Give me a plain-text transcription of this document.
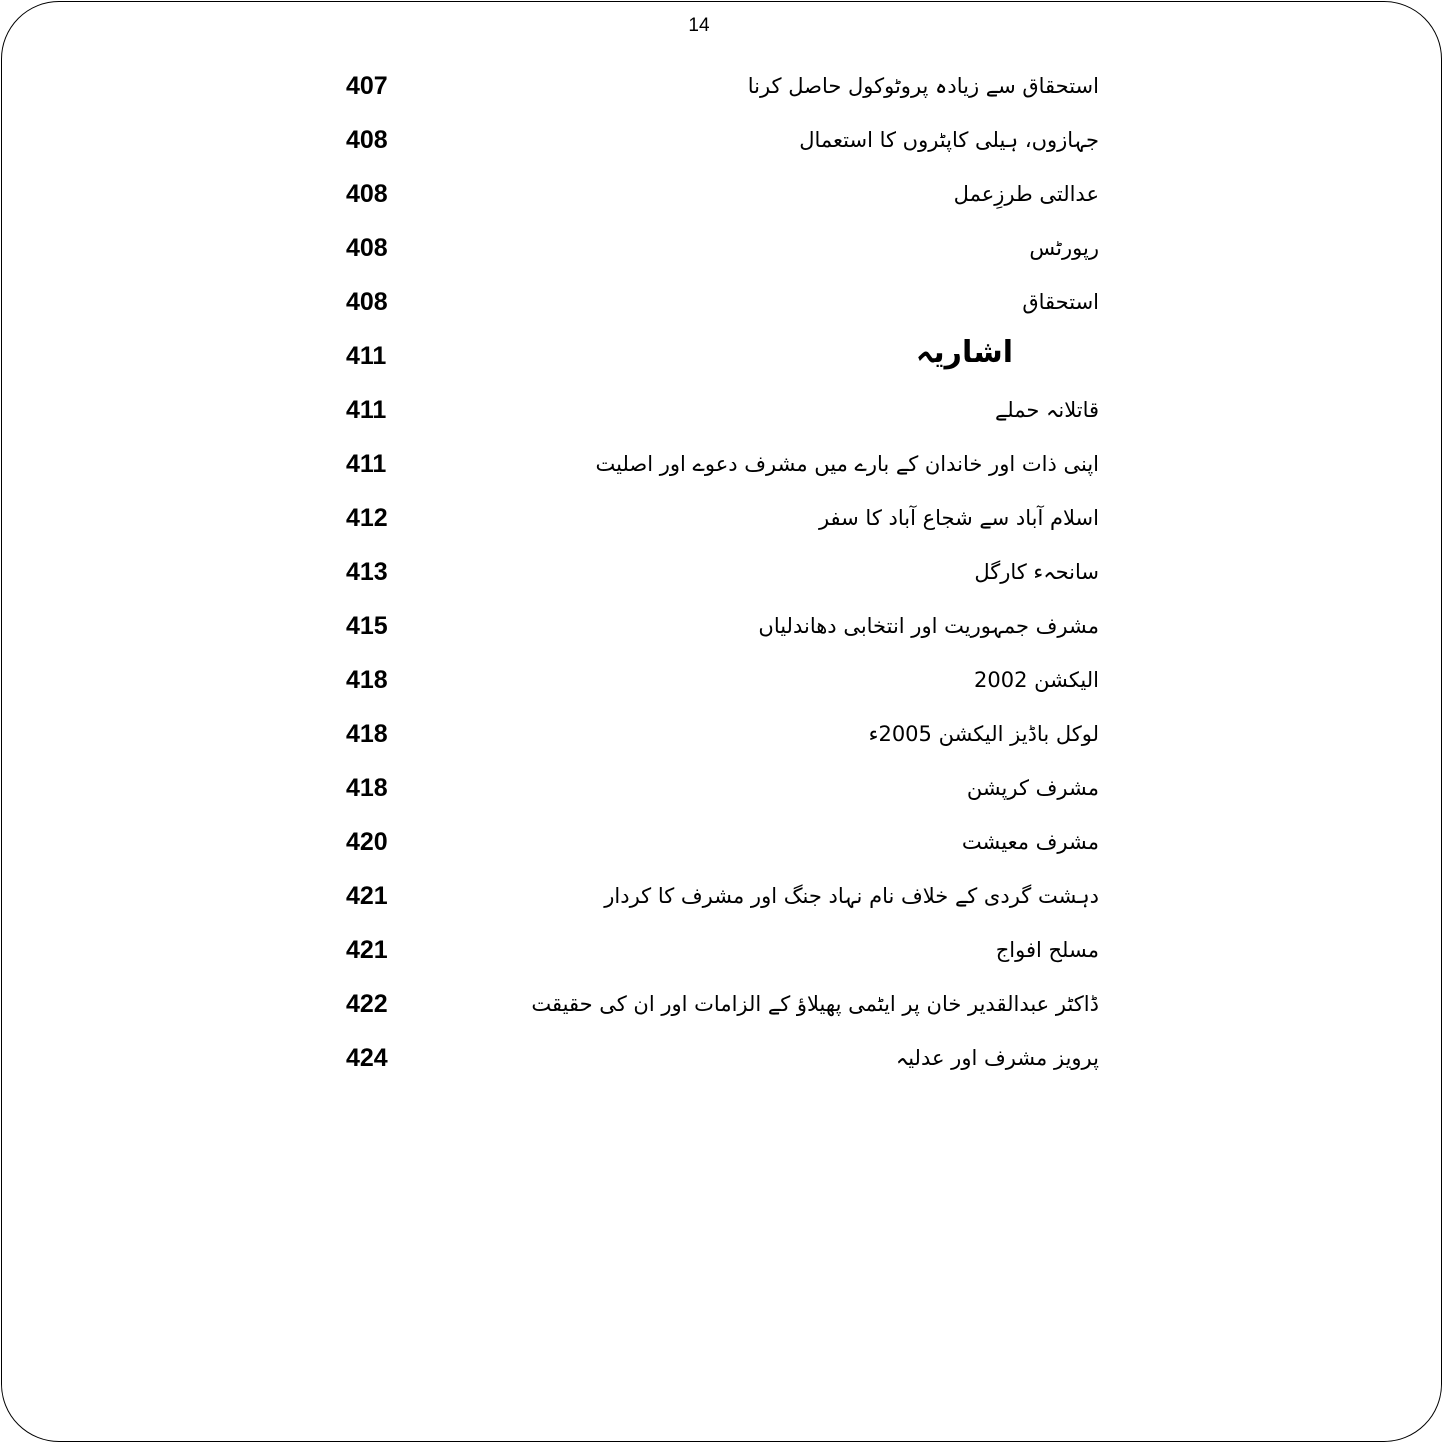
14
407	استحقاق سے زیادہ پروٹوکول حاصل کرنا
408	جہازوں، ہیلی کاپٹروں کا استعمال
408	عدالتی طرزِعمل
408	رپورٹس
408	استحقاق
411	اشاریہ
411	قاتلانہ حملے
411	اپنی ذات اور خاندان کے بارے میں مشرف دعوے اور اصلیت
412	اسلام آباد سے شجاع آباد کا سفر
413	سانحہء کارگل
415	مشرف جمہوریت اور انتخابی دھاندلیاں
418	الیکشن 2002
418	لوکل باڈیز الیکشن 2005ء
418	مشرف کرپشن
420	مشرف معیشت
421	دہشت گردی کے خلاف نام نہاد جنگ اور مشرف کا کردار
421	مسلح افواج
422	ڈاکٹر عبدالقدیر خان پر ایٹمی پھیلاؤ کے الزامات اور ان کی حقیقت
424	پرویز مشرف اور عدلیہ
